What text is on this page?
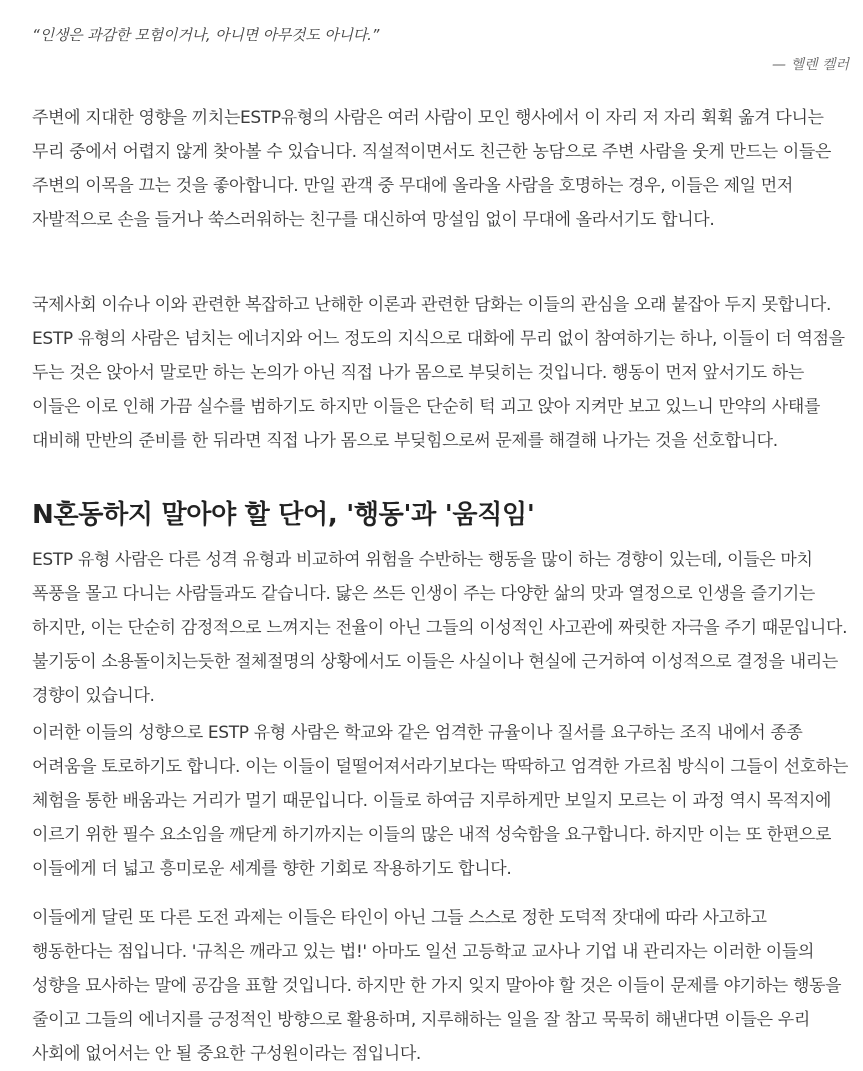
“인생은 과감한 모험이거나, 아니면 아무것도 아니다.”
— 헬렌 켈러

주변에 지대한 영향을 끼치는ESTP유형의 사람은 여러 사람이 모인 행사에서 이 자리 저 자리 휙휙 옮겨 다니는 무리 중에서 어렵지 않게 찾아볼 수 있습니다. 직설적이면서도 친근한 농담으로 주변 사람을 웃게 만드는 이들은 주변의 이목을 끄는 것을 좋아합니다. 만일 관객 중 무대에 올라올 사람을 호명하는 경우, 이들은 제일 먼저 자발적으로 손을 들거나 쑥스러워하는 친구를 대신하여 망설임 없이 무대에 올라서기도 합니다.

국제사회 이슈나 이와 관련한 복잡하고 난해한 이론과 관련한 담화는 이들의 관심을 오래 붙잡아 두지 못합니다. ESTP 유형의 사람은 넘치는 에너지와 어느 정도의 지식으로 대화에 무리 없이 참여하기는 하나, 이들이 더 역점을 두는 것은 앉아서 말로만 하는 논의가 아닌 직접 나가 몸으로 부딪히는 것입니다. 행동이 먼저 앞서기도 하는 이들은 이로 인해 가끔 실수를 범하기도 하지만 이들은 단순히 턱 괴고 앉아 지켜만 보고 있느니 만약의 사태를 대비해 만반의 준비를 한 뒤라면 직접 나가 몸으로 부딪힘으로써 문제를 해결해 나가는 것을 선호합니다.

N혼동하지 말아야 할 단어, '행동'과 '움직임'

ESTP 유형 사람은 다른 성격 유형과 비교하여 위험을 수반하는 행동을 많이 하는 경향이 있는데, 이들은 마치 폭풍을 몰고 다니는 사람들과도 같습니다. 닳은 쓰든 인생이 주는 다양한 삶의 맛과 열정으로 인생을 즐기기는 하지만, 이는 단순히 감정적으로 느껴지는 전율이 아닌 그들의 이성적인 사고관에 짜릿한 자극을 주기 때문입니다. 불기둥이 소용돌이치는듯한 절체절명의 상황에서도 이들은 사실이나 현실에 근거하여 이성적으로 결정을 내리는 경향이 있습니다.

이러한 이들의 성향으로 ESTP 유형 사람은 학교와 같은 엄격한 규율이나 질서를 요구하는 조직 내에서 종종 어려움을 토로하기도 합니다. 이는 이들이 덜떨어져서라기보다는 딱딱하고 엄격한 가르침 방식이 그들이 선호하는 체험을 통한 배움과는 거리가 멀기 때문입니다. 이들로 하여금 지루하게만 보일지 모르는 이 과정 역시 목적지에 이르기 위한 필수 요소임을 깨닫게 하기까지는 이들의 많은 내적 성숙함을 요구합니다. 하지만 이는 또 한편으로 이들에게 더 넓고 흥미로운 세계를 향한 기회로 작용하기도 합니다.

이들에게 달린 또 다른 도전 과제는 이들은 타인이 아닌 그들 스스로 정한 도덕적 잣대에 따라 사고하고 행동한다는 점입니다. '규칙은 깨라고 있는 법!' 아마도 일선 고등학교 교사나 기업 내 관리자는 이러한 이들의 성향을 묘사하는 말에 공감을 표할 것입니다. 하지만 한 가지 잊지 말아야 할 것은 이들이 문제를 야기하는 행동을 줄이고 그들의 에너지를 긍정적인 방향으로 활용하며, 지루해하는 일을 잘 참고 묵묵히 해낸다면 이들은 우리 사회에 없어서는 안 될 중요한 구성원이라는 점입니다.
